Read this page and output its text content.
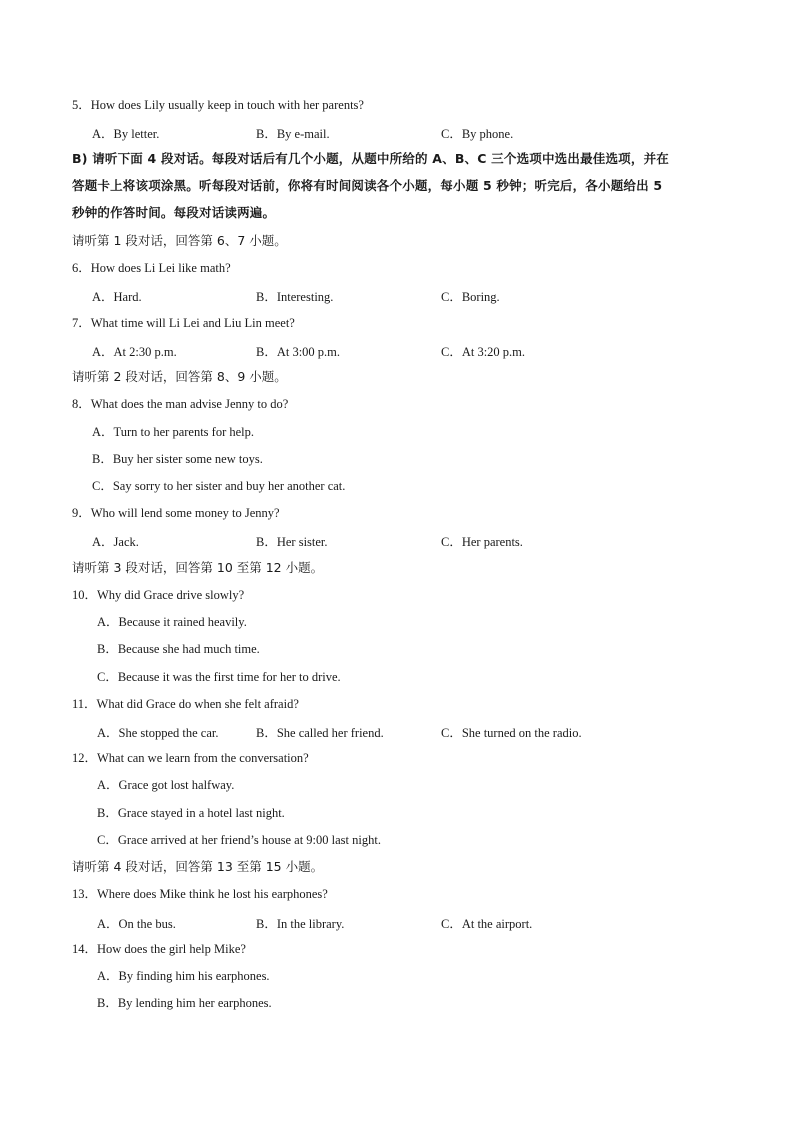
5．How does Lily usually keep in touch with her parents?
A．By letter.	B．By e-mail.	C．By phone.
B) 请听下面 4 段对话。每段对话后有几个小题，从题中所给的 A、B、C 三个选项中选出最佳选项，并在
答题卡上将该项涂黑。听每段对话前，你将有时间阅读各个小题，每小题 5 秒钟；听完后，各小题给出 5
秒钟的作答时间。每段对话读两遍。
请听第 1 段对话，回答第 6、7 小题。
6．How does Li Lei like math?
A．Hard.	B．Interesting.	C．Boring.
7．What time will Li Lei and Liu Lin meet?
A．At 2:30 p.m.	B．At 3:00 p.m.	C．At 3:20 p.m.
请听第 2 段对话，回答第 8、9 小题。
8．What does the man advise Jenny to do?
A．Turn to her parents for help.
B．Buy her sister some new toys.
C．Say sorry to her sister and buy her another cat.
9．Who will lend some money to Jenny?
A．Jack.	B．Her sister.	C．Her parents.
请听第 3 段对话，回答第 10 至第 12 小题。
10．Why did Grace drive slowly?
A．Because it rained heavily.
B．Because she had much time.
C．Because it was the first time for her to drive.
11．What did Grace do when she felt afraid?
A．She stopped the car.	B．She called her friend.	C．She turned on the radio.
12．What can we learn from the conversation?
A．Grace got lost halfway.
B．Grace stayed in a hotel last night.
C．Grace arrived at her friend’s house at 9:00 last night.
请听第 4 段对话，回答第 13 至第 15 小题。
13．Where does Mike think he lost his earphones?
A．On the bus.	B．In the library.	C．At the airport.
14．How does the girl help Mike?
A．By finding him his earphones.
B．By lending him her earphones.
